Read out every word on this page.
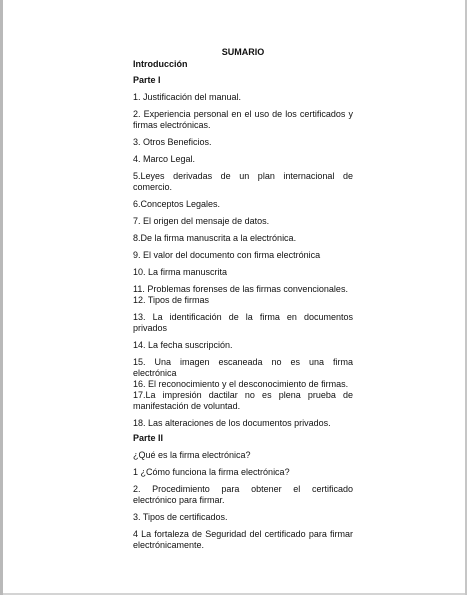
SUMARIO
Introducción
Parte I

1. Justificación del manual.

2. Experiencia personal en el uso de los certificados y firmas electrónicas.

3. Otros Beneficios.

4. Marco Legal.

5.Leyes derivadas de un plan internacional de comercio.

6.Conceptos Legales.

7. El origen del mensaje de datos.

8.De la firma manuscrita a la electrónica.

9. El valor del documento con firma electrónica

10. La firma manuscrita

11. Problemas forenses de las firmas convencionales.

12. Tipos de firmas

13. La identificación de la firma en documentos privados

14. La fecha suscripción.

15. Una imagen escaneada no es una firma electrónica

16. El reconocimiento y el desconocimiento de firmas.

17.La impresión dactilar no es plena prueba de manifestación de voluntad.

18. Las alteraciones de los documentos privados.

Parte II

¿Qué es la firma electrónica?

1 ¿Cómo funciona la firma electrónica?

2. Procedimiento para obtener el certificado electrónico para firmar.

3. Tipos de certificados.

4 La fortaleza de Seguridad del certificado para firmar electrónicamente.
